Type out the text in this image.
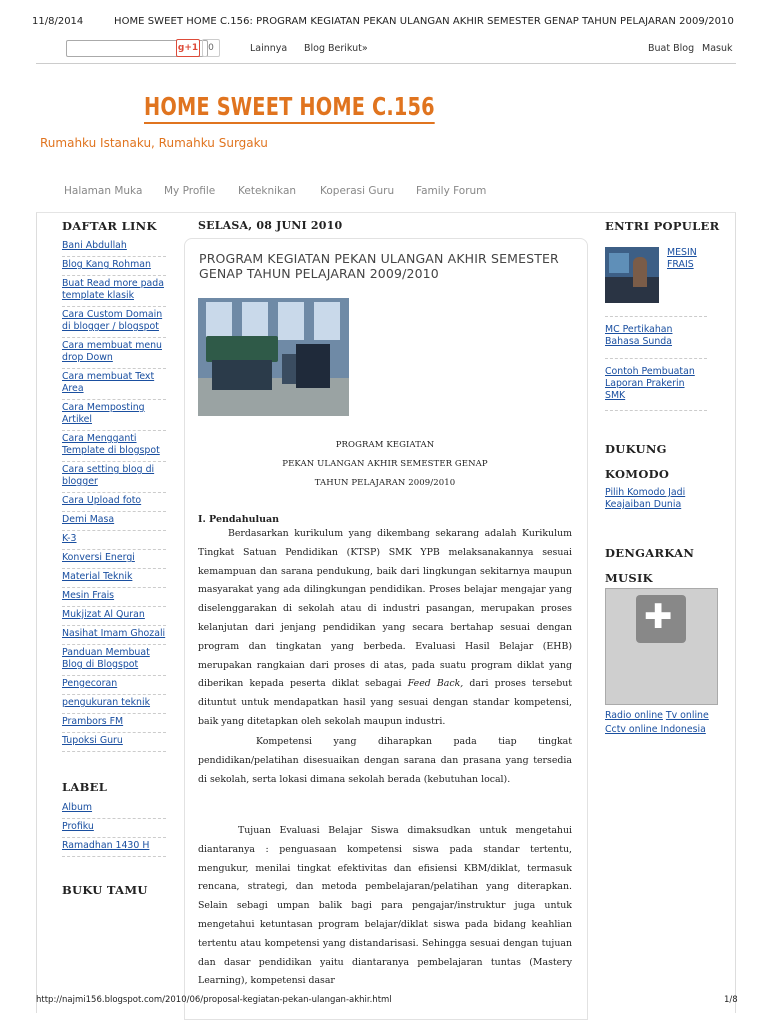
11/8/2014	HOME SWEET HOME C.156: PROGRAM KEGIATAN PEKAN ULANGAN AKHIR SEMESTER GENAP TAHUN PELAJARAN 2009/2010
g+1	0	Lainnya Blog Berikut»	Buat Blog Masuk
HOME SWEET HOME C.156
Rumahku Istanaku, Rumahku Surgaku
Halaman Muka My Profile Keteknikan Koperasi Guru Family Forum
DAFTAR LINK
Bani Abdullah
Blog Kang Rohman
Buat Read more pada template klasik
Cara Custom Domain di blogger / blogspot
Cara membuat menu drop Down
Cara membuat Text Area
Cara Memposting Artikel
Cara Mengganti Template di blogspot
Cara setting blog di blogger
Cara Upload foto
Demi Masa
K-3
Konversi Energi
Material Teknik
Mesin Frais
Mukjizat Al Quran
Nasihat Imam Ghozali
Panduan Membuat Blog di Blogspot
Pengecoran
pengukuran teknik
Prambors FM
Tupoksi Guru
LABEL
Album
Profiku
Ramadhan 1430 H
BUKU TAMU
SELASA, 08 JUNI 2010
PROGRAM KEGIATAN PEKAN ULANGAN AKHIR SEMESTER GENAP TAHUN PELAJARAN 2009/2010
PROGRAM KEGIATAN
PEKAN ULANGAN AKHIR SEMESTER GENAP
TAHUN PELAJARAN 2009/2010
I. Pendahuluan
Berdasarkan kurikulum yang dikembang sekarang adalah Kurikulum Tingkat Satuan Pendidikan (KTSP) SMK YPB melaksanakannya sesuai kemampuan dan sarana pendukung, baik dari lingkungan sekitarnya maupun masyarakat yang ada dilingkungan pendidikan. Proses belajar mengajar yang diselenggarakan di sekolah atau di industri pasangan, merupakan proses kelanjutan dari jenjang pendidikan yang secara bertahap sesuai dengan program dan tingkatan yang berbeda. Evaluasi Hasil Belajar (EHB) merupakan rangkaian dari proses di atas, pada suatu program diklat yang diberikan kepada peserta diklat sebagai Feed Back, dari proses tersebut dituntut untuk mendapatkan hasil yang sesuai dengan standar kompetensi, baik yang ditetapkan oleh sekolah maupun industri.
Kompetensi yang diharapkan pada tiap tingkat pendidikan/pelatihan disesuaikan dengan sarana dan prasana yang tersedia di sekolah, serta lokasi dimana sekolah berada (kebutuhan local).
Tujuan Evaluasi Belajar Siswa dimaksudkan untuk mengetahui diantaranya : penguasaan kompetensi siswa pada standar tertentu, mengukur, menilai tingkat efektivitas dan efisiensi KBM/diklat, termasuk rencana, strategi, dan metoda pembelajaran/pelatihan yang diterapkan. Selain sebagi umpan balik bagi para pengajar/instruktur juga untuk mengetahui ketuntasan program belajar/diklat siswa pada bidang keahlian tertentu atau kompetensi yang distandarisasi. Sehingga sesuai dengan tujuan dan dasar pendidikan yaitu diantaranya pembelajaran tuntas (Mastery Learning), kompetensi dasar
ENTRI POPULER
MESIN FRAIS
MC Pertikahan Bahasa Sunda
Contoh Pembuatan Laporan Prakerin SMK
DUKUNG KOMODO
Pilih Komodo Jadi Keajaiban Dunia
DENGARKAN MUSIK
✚
Radio online Tv online Cctv online Indonesia
http://najmi156.blogspot.com/2010/06/proposal-kegiatan-pekan-ulangan-akhir.html	1/8
